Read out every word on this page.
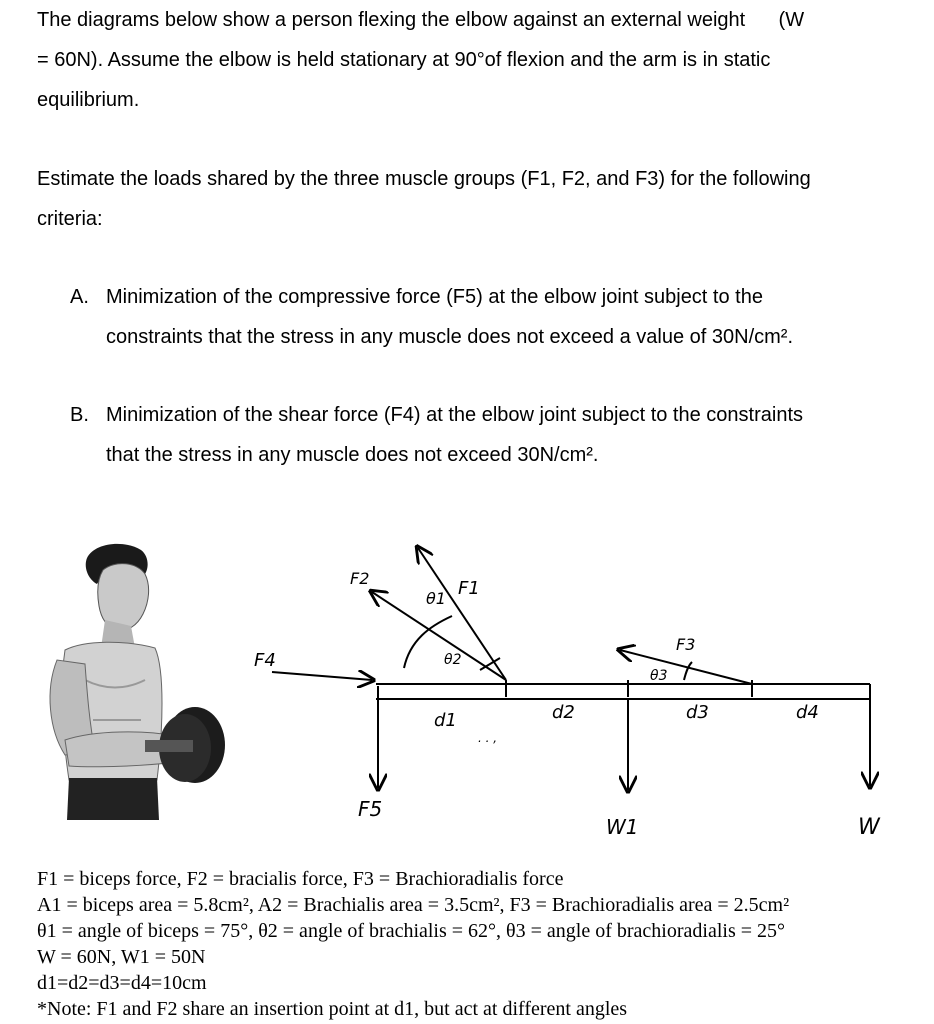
The diagrams below show a person flexing the elbow against an external weight      (W
= 60N). Assume the elbow is held stationary at 90°of flexion and the arm is in static
equilibrium.
Estimate the loads shared by the three muscle groups (F1, F2, and F3) for the following
criteria:
A. Minimization of the compressive force (F5) at the elbow joint subject to the
constraints that the stress in any muscle does not exceed a value of 30N/cm².
B. Minimization of the shear force (F4) at the elbow joint subject to the constraints
that the stress in any muscle does not exceed 30N/cm².
. . ,
F4
F2
θ1 F1
θ2
F3
θ3
d1	d2	d3	d4
F5
W1	W
F1 = biceps force, F2 = bracialis force, F3 = Brachioradialis force
A1 = biceps area = 5.8cm², A2 = Brachialis area = 3.5cm², F3 = Brachioradialis area = 2.5cm²
θ1 = angle of biceps = 75°, θ2 = angle of brachialis = 62°, θ3 = angle of brachioradialis = 25°
W = 60N, W1 = 50N
d1=d2=d3=d4=10cm
*Note: F1 and F2 share an insertion point at d1, but act at different angles
